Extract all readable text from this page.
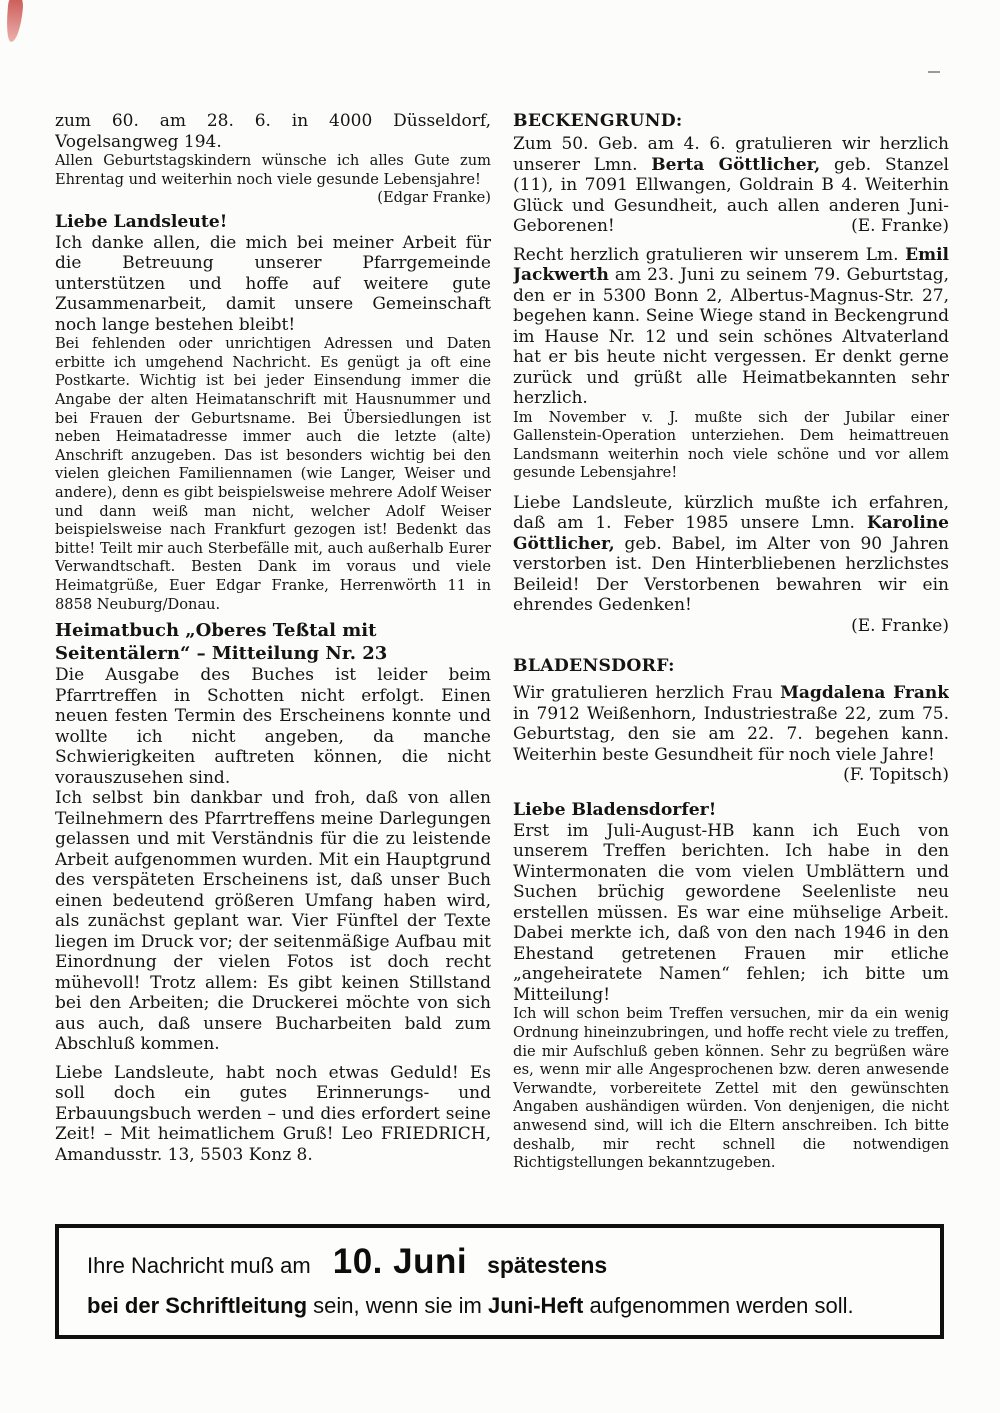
zum 60. am 28. 6. in 4000 Düsseldorf, Vogelsangweg 194.

Allen Geburtstagskindern wünsche ich alles Gute zum Ehrentag und weiterhin noch viele gesunde Lebensjahre!
(Edgar Franke)

Liebe Landsleute!

Ich danke allen, die mich bei meiner Arbeit für die Betreuung unserer Pfarrgemeinde unterstützen und hoffe auf weitere gute Zusammenarbeit, damit unsere Gemeinschaft noch lange bestehen bleibt!

Bei fehlenden oder unrichtigen Adressen und Daten erbitte ich umgehend Nachricht. Es genügt ja oft eine Postkarte. Wichtig ist bei jeder Einsendung immer die Angabe der alten Heimatanschrift mit Hausnummer und bei Frauen der Geburtsname. Bei Übersiedlungen ist neben Heimatadresse immer auch die letzte (alte) Anschrift anzugeben. Das ist besonders wichtig bei den vielen gleichen Familiennamen (wie Langer, Weiser und andere), denn es gibt beispielsweise mehrere Adolf Weiser und dann weiß man nicht, welcher Adolf Weiser beispielsweise nach Frankfurt gezogen ist! Bedenkt das bitte! Teilt mir auch Sterbefälle mit, auch außerhalb Eurer Verwandtschaft. Besten Dank im voraus und viele Heimatgrüße, Euer Edgar Franke, Herrenwörth 11 in 8858 Neuburg/Donau.

Heimatbuch „Oberes Teßtal mit Seitentälern“ – Mitteilung Nr. 23

Die Ausgabe des Buches ist leider beim Pfarrtreffen in Schotten nicht erfolgt. Einen neuen festen Termin des Erscheinens konnte und wollte ich nicht angeben, da manche Schwierigkeiten auftreten können, die nicht vorauszusehen sind.

Ich selbst bin dankbar und froh, daß von allen Teilnehmern des Pfarrtreffens meine Darlegungen gelassen und mit Verständnis für die zu leistende Arbeit aufgenommen wurden. Mit ein Hauptgrund des verspäteten Erscheinens ist, daß unser Buch einen bedeutend größeren Umfang haben wird, als zunächst geplant war. Vier Fünftel der Texte liegen im Druck vor; der seitenmäßige Aufbau mit Einordnung der vielen Fotos ist doch recht mühevoll! Trotz allem: Es gibt keinen Stillstand bei den Arbeiten; die Druckerei möchte von sich aus auch, daß unsere Bucharbeiten bald zum Abschluß kommen.

Liebe Landsleute, habt noch etwas Geduld! Es soll doch ein gutes Erinnerungs- und Erbauungsbuch werden – und dies erfordert seine Zeit! – Mit heimatlichem Gruß! Leo FRIEDRICH, Amandusstr. 13, 5503 Konz 8.

BECKENGRUND:

Zum 50. Geb. am 4. 6. gratulieren wir herzlich unserer Lmn. Berta Göttlicher, geb. Stanzel (11), in 7091 Ellwangen, Goldrain B 4. Weiterhin Glück und Gesundheit, auch allen anderen Juni-Geborenen!	(E. Franke)

Recht herzlich gratulieren wir unserem Lm. Emil Jackwerth am 23. Juni zu seinem 79. Geburtstag, den er in 5300 Bonn 2, Albertus-Magnus-Str. 27, begehen kann. Seine Wiege stand in Beckengrund im Hause Nr. 12 und sein schönes Altvaterland hat er bis heute nicht vergessen. Er denkt gerne zurück und grüßt alle Heimatbekannten sehr herzlich.

Im November v. J. mußte sich der Jubilar einer Gallenstein-Operation unterziehen. Dem heimattreuen Landsmann weiterhin noch viele schöne und vor allem gesunde Lebensjahre!

Liebe Landsleute, kürzlich mußte ich erfahren, daß am 1. Feber 1985 unsere Lmn. Karoline Göttlicher, geb. Babel, im Alter von 90 Jahren verstorben ist. Den Hinterbliebenen herzlichstes Beileid! Der Verstorbenen bewahren wir ein ehrendes Gedenken!

(E. Franke)

BLADENSDORF:

Wir gratulieren herzlich Frau Magdalena Frank in 7912 Weißenhorn, Industriestraße 22, zum 75. Geburtstag, den sie am 22. 7. begehen kann. Weiterhin beste Gesundheit für noch viele Jahre!
(F. Topitsch)

Liebe Bladensdorfer!

Erst im Juli-August-HB kann ich Euch von unserem Treffen berichten. Ich habe in den Wintermonaten die vom vielen Umblättern und Suchen brüchig gewordene Seelenliste neu erstellen müssen. Es war eine mühselige Arbeit. Dabei merkte ich, daß von den nach 1946 in den Ehestand getretenen Frauen mir etliche „angeheiratete Namen“ fehlen; ich bitte um Mitteilung!

Ich will schon beim Treffen versuchen, mir da ein wenig Ordnung hineinzubringen, und hoffe recht viele zu treffen, die mir Aufschluß geben können. Sehr zu begrüßen wäre es, wenn mir alle Angesprochenen bzw. deren anwesende Verwandte, vorbereitete Zettel mit den gewünschten Angaben aushändigen würden. Von denjenigen, die nicht anwesend sind, will ich die Eltern anschreiben. Ich bitte deshalb, mir recht schnell die notwendigen Richtigstellungen bekanntzugeben.

Ihre Nachricht muß am 10. Juni spätestens
bei der Schriftleitung sein, wenn sie im Juni-Heft aufgenommen werden soll.
